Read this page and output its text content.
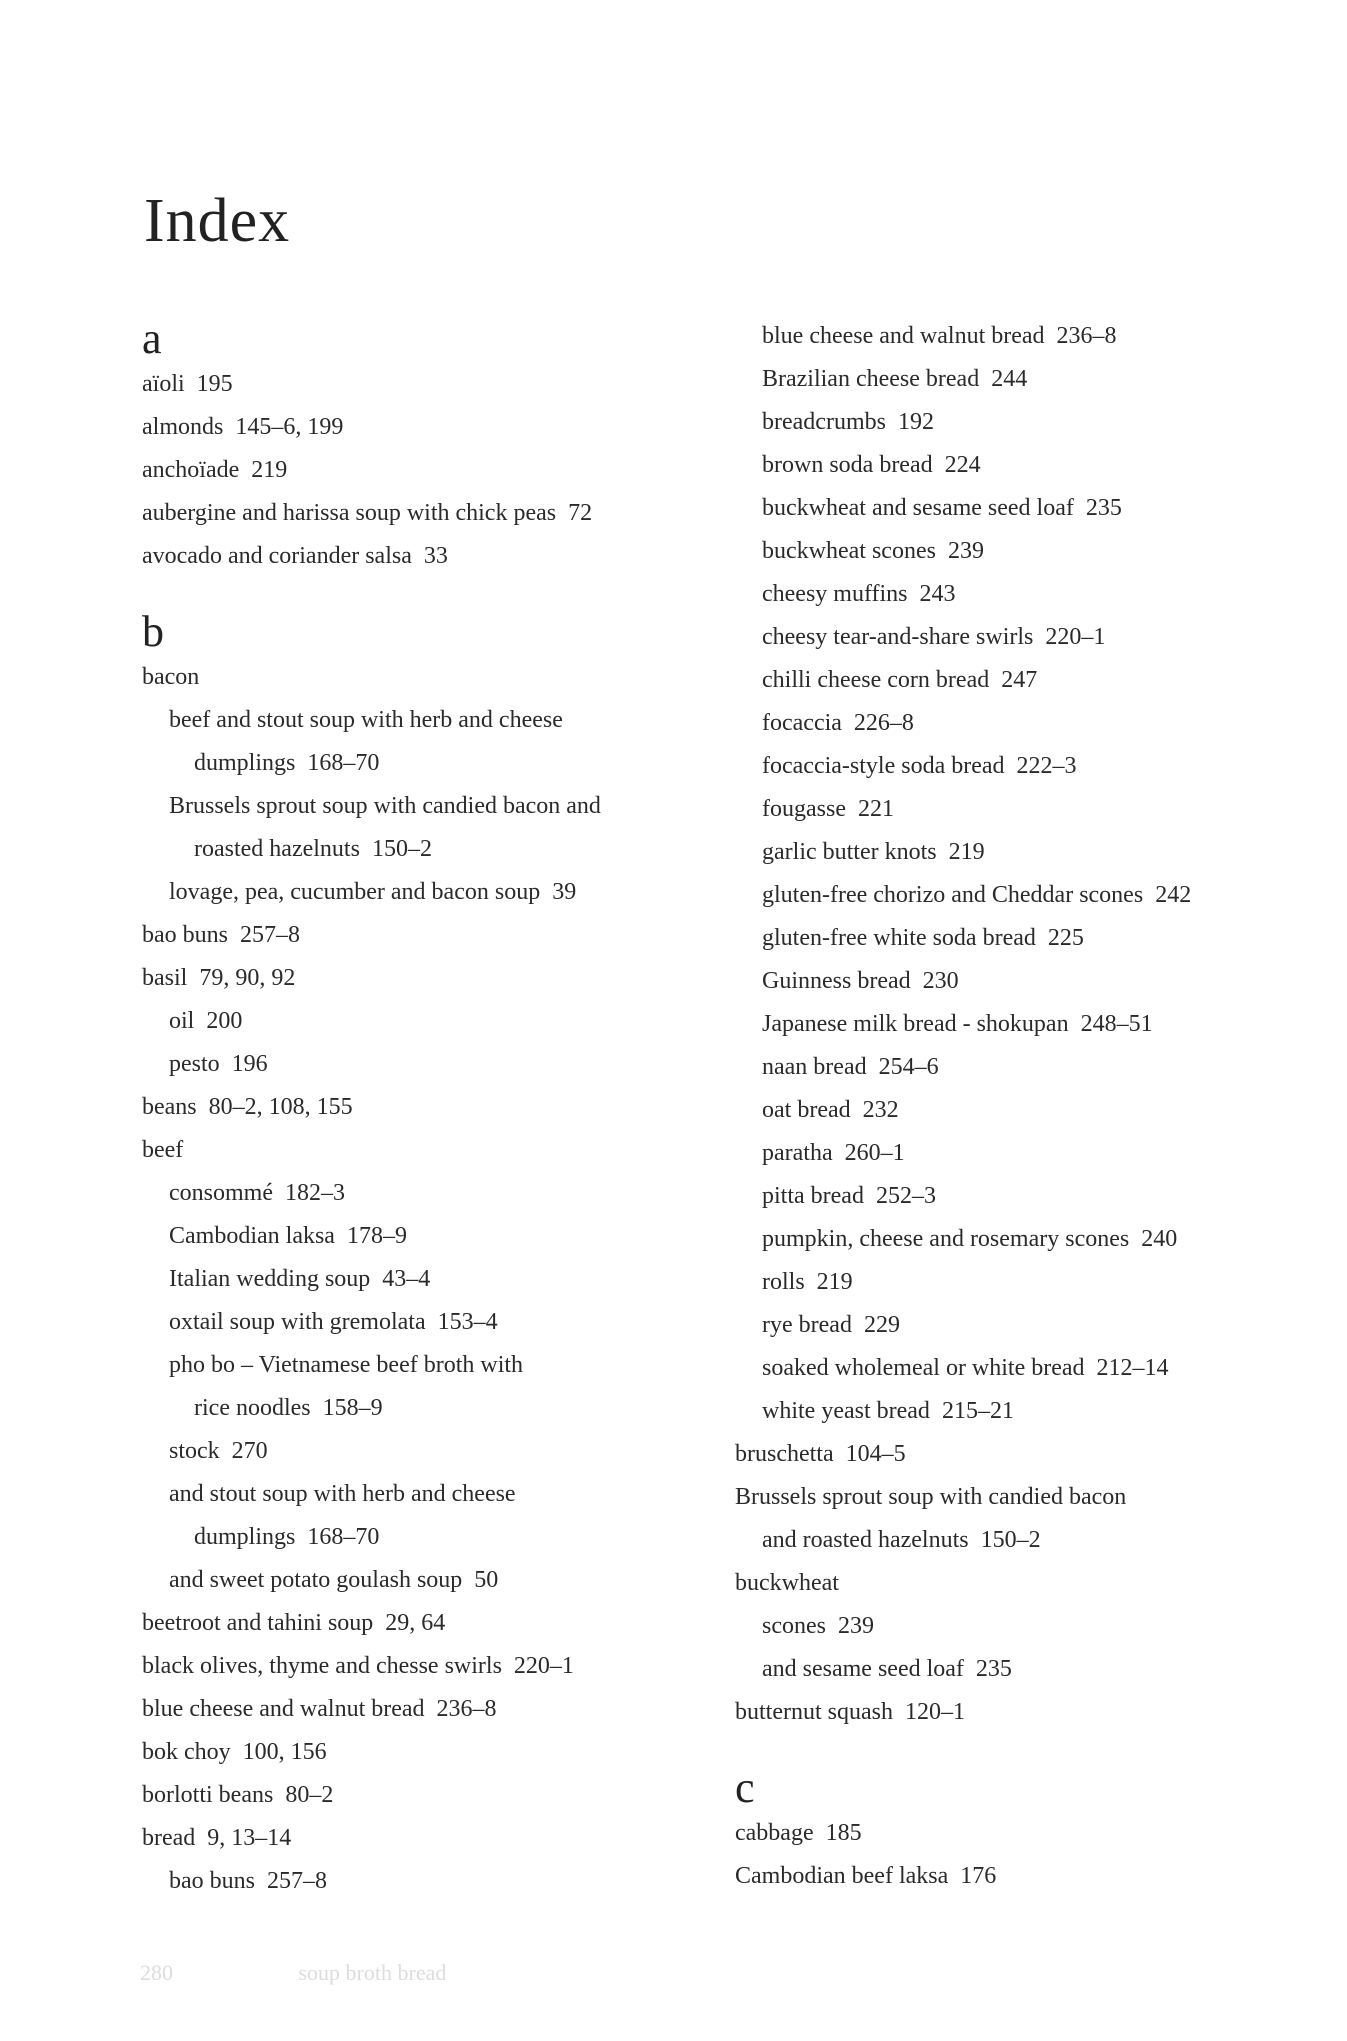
Index
a
aïoli 195
almonds 145–6, 199
anchoïade 219
aubergine and harissa soup with chick peas 72
avocado and coriander salsa 33
b
bacon
beef and stout soup with herb and cheese
dumplings 168–70
Brussels sprout soup with candied bacon and
roasted hazelnuts 150–2
lovage, pea, cucumber and bacon soup 39
bao buns 257–8
basil 79, 90, 92
oil 200
pesto 196
beans 80–2, 108, 155
beef
consommé 182–3
Cambodian laksa 178–9
Italian wedding soup 43–4
oxtail soup with gremolata 153–4
pho bo – Vietnamese beef broth with
rice noodles 158–9
stock 270
and stout soup with herb and cheese
dumplings 168–70
and sweet potato goulash soup 50
beetroot and tahini soup 29, 64
black olives, thyme and chesse swirls 220–1
blue cheese and walnut bread 236–8
bok choy 100, 156
borlotti beans 80–2
bread 9, 13–14
bao buns 257–8
blue cheese and walnut bread 236–8
Brazilian cheese bread 244
breadcrumbs 192
brown soda bread 224
buckwheat and sesame seed loaf 235
buckwheat scones 239
cheesy muffins 243
cheesy tear-and-share swirls 220–1
chilli cheese corn bread 247
focaccia 226–8
focaccia-style soda bread 222–3
fougasse 221
garlic butter knots 219
gluten-free chorizo and Cheddar scones 242
gluten-free white soda bread 225
Guinness bread 230
Japanese milk bread - shokupan 248–51
naan bread 254–6
oat bread 232
paratha 260–1
pitta bread 252–3
pumpkin, cheese and rosemary scones 240
rolls 219
rye bread 229
soaked wholemeal or white bread 212–14
white yeast bread 215–21
bruschetta 104–5
Brussels sprout soup with candied bacon
and roasted hazelnuts 150–2
buckwheat
scones 239
and sesame seed loaf 235
butternut squash 120–1
c
cabbage 185
Cambodian beef laksa 176
280	soup broth bread
